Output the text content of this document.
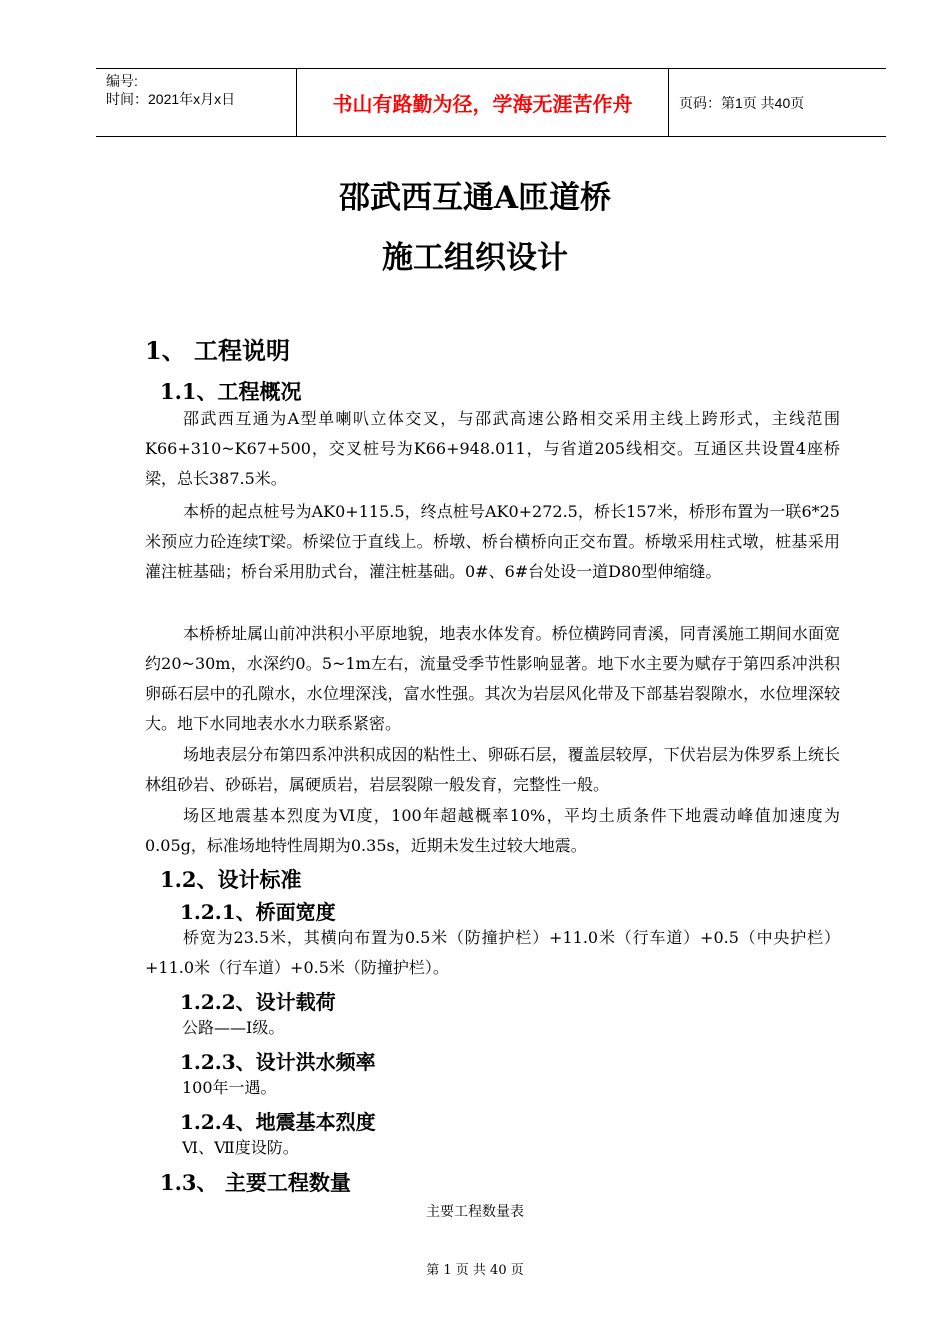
编号:
时间：2021年x月x日	书山有路勤为径，学海无涯苦作舟	页码：第1页 共40页
邵武西互通A匝道桥
施工组织设计
1、 工程说明
1.1、工程概况
邵武西互通为A型单喇叭立体交叉，与邵武高速公路相交采用主线上跨形式，主线范围K66+310~K67+500，交叉桩号为K66+948.011，与省道205线相交。互通区共设置4座桥梁，总长387.5米。
本桥的起点桩号为AK0+115.5，终点桩号AK0+272.5，桥长157米，桥形布置为一联6*25米预应力砼连续T梁。桥梁位于直线上。桥墩、桥台横桥向正交布置。桥墩采用柱式墩，桩基采用灌注桩基础；桥台采用肋式台，灌注桩基础。0#、6#台处设一道D80型伸缩缝。
本桥桥址属山前冲洪积小平原地貌，地表水体发育。桥位横跨同青溪，同青溪施工期间水面宽约20~30m，水深约0。5~1m左右，流量受季节性影响显著。地下水主要为赋存于第四系冲洪积卵砾石层中的孔隙水，水位埋深浅，富水性强。其次为岩层风化带及下部基岩裂隙水，水位埋深较大。地下水同地表水水力联系紧密。
场地表层分布第四系冲洪积成因的粘性土、卵砾石层，覆盖层较厚，下伏岩层为侏罗系上统长林组砂岩、砂砾岩，属硬质岩，岩层裂隙一般发育，完整性一般。
场区地震基本烈度为Ⅵ度，100年超越概率10%，平均土质条件下地震动峰值加速度为0.05g，标准场地特性周期为0.35s，近期未发生过较大地震。
1.2、设计标准
1.2.1、桥面宽度
桥宽为23.5米，其横向布置为0.5米（防撞护栏）+11.0米（行车道）+0.5（中央护栏）+11.0米（行车道）+0.5米（防撞护栏）。
1.2.2、设计载荷
公路——Ⅰ级。
1.2.3、设计洪水频率
100年一遇。
1.2.4、地震基本烈度
Ⅵ、Ⅶ度设防。
1.3、 主要工程数量
主要工程数量表
第 1 页 共 40 页
